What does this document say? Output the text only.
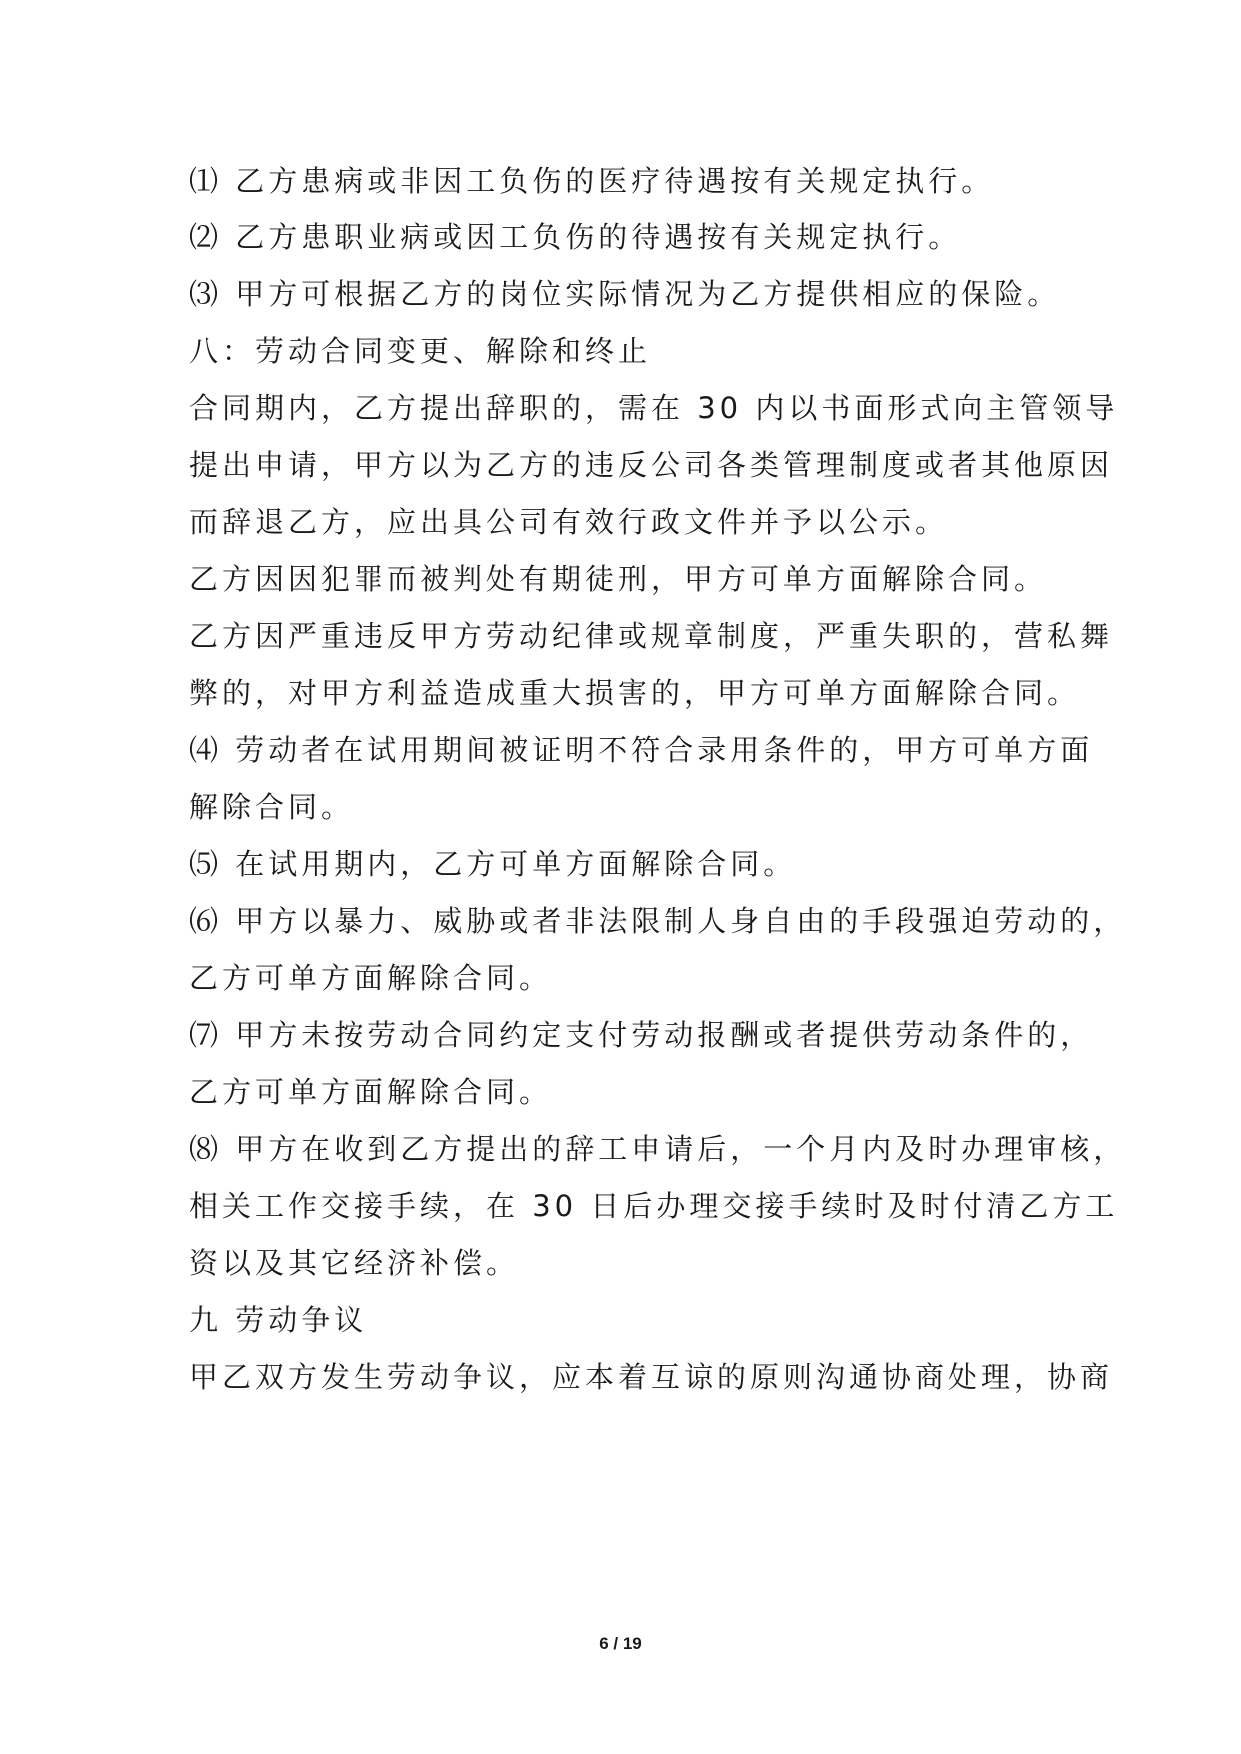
⑴ 乙方患病或非因工负伤的医疗待遇按有关规定执行。

⑵ 乙方患职业病或因工负伤的待遇按有关规定执行。

⑶ 甲方可根据乙方的岗位实际情况为乙方提供相应的保险。

八：劳动合同变更、解除和终止

合同期内，乙方提出辞职的，需在 30 内以书面形式向主管领导

提出申请，甲方以为乙方的违反公司各类管理制度或者其他原因

而辞退乙方，应出具公司有效行政文件并予以公示。

乙方因因犯罪而被判处有期徒刑，甲方可单方面解除合同。

乙方因严重违反甲方劳动纪律或规章制度，严重失职的，营私舞

弊的，对甲方利益造成重大损害的，甲方可单方面解除合同。

⑷ 劳动者在试用期间被证明不符合录用条件的，甲方可单方面

解除合同。

⑸ 在试用期内，乙方可单方面解除合同。

⑹ 甲方以暴力、威胁或者非法限制人身自由的手段强迫劳动的，

乙方可单方面解除合同。

⑺ 甲方未按劳动合同约定支付劳动报酬或者提供劳动条件的，

乙方可单方面解除合同。

⑻ 甲方在收到乙方提出的辞工申请后，一个月内及时办理审核，

相关工作交接手续，在 30 日后办理交接手续时及时付清乙方工

资以及其它经济补偿。

九 劳动争议

甲乙双方发生劳动争议，应本着互谅的原则沟通协商处理，协商

6 / 19
